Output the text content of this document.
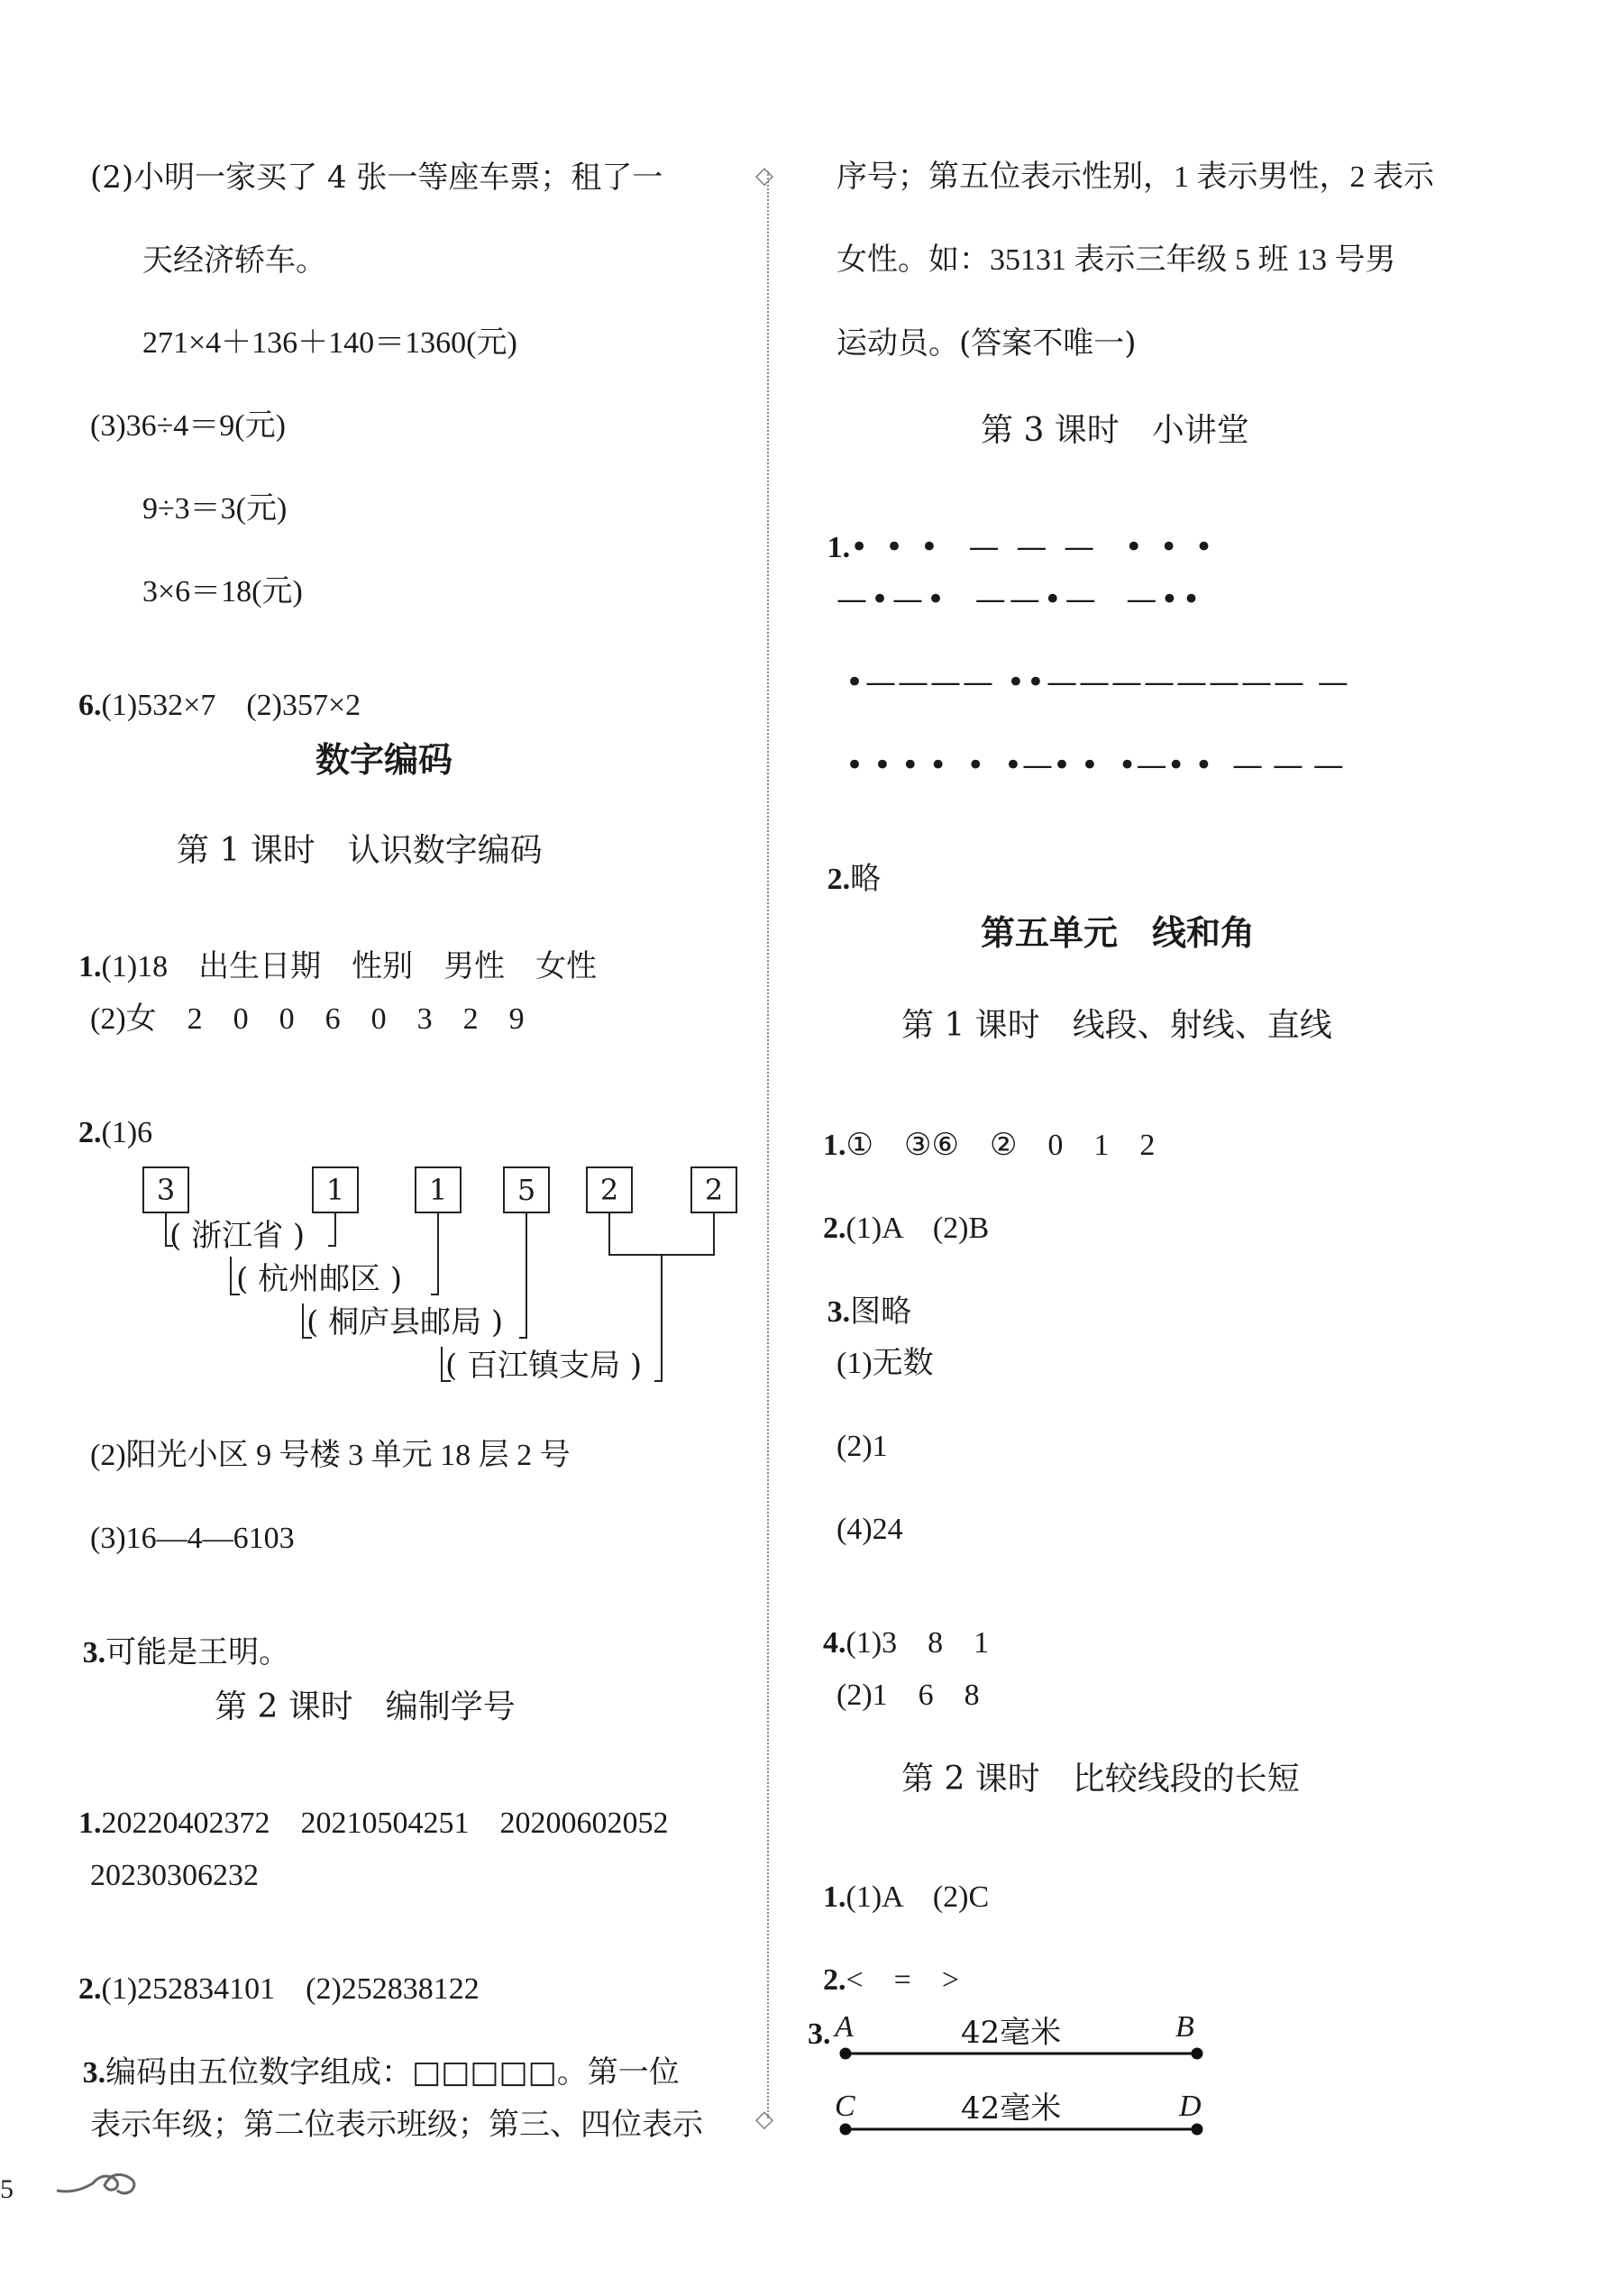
(2)小明一家买了 4 张一等座车票；租了一
天经济轿车。
271×4＋136＋140＝1360(元)
(3)36÷4＝9(元)
9÷3＝3(元)
3×6＝18(元)

6.(1)532×7　(2)357×2

数字编码
第 1 课时　认识数字编码

1.(1)18　出生日期　性别　男性　女性

(2)女　2　0　0　6　0　3　2　9

2.(1)6

3	1	1	5	2	2
( 浙江省 )
( 杭州邮区 )
( 桐庐县邮局 )
( 百江镇支局 )
(2)阳光小区 9 号楼 3 单元 18 层 2 号
(3)16—4—6103

3.可能是王明。

第 2 课时　编制学号

1.20220402372　20210504251　20200602052

20230306232

2.(1)252834101　(2)252838122

3.编码由五位数字组成：□□□□□。第一位

表示年级；第二位表示班级；第三、四位表示
◇
◇
序号；第五位表示性别，1 表示男性，2 表示
女性。如：35131 表示三年级 5 班 13 号男
运动员。(答案不唯一)
第 3 课时　小讲堂

1.• • •  — — —  • • •

—•—•  ——•—  —••
•———— ••———————— —
• • • •  •  •—• •  •—• •  — — —

2.略

第五单元　线和角
第 1 课时　线段、射线、直线

1.①　③⑥　②　0　1　2

2.(1)A　(2)B

3.图略

(1)无数
(2)1
(4)24

4.(1)3　8　1

(2)1　6　8
第 2 课时　比较线段的长短

1.(1)A　(2)C

2.<　=　>

3. A	42毫米	B
C	42毫米	D
5
